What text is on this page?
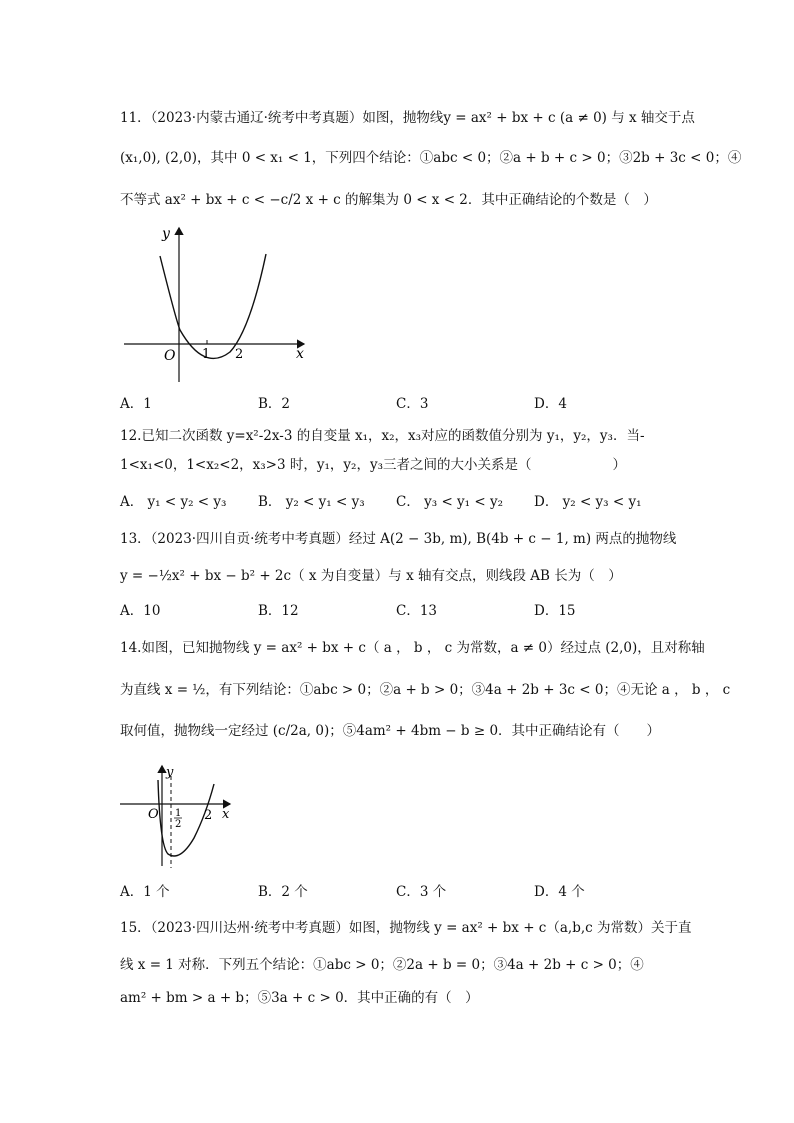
11．（2023·内蒙古通辽·统考中考真题）如图，抛物线y = ax² + bx + c (a ≠ 0) 与 x 轴交于点
(x₁,0), (2,0)，其中 0 < x₁ < 1，下列四个结论：①abc < 0；②a + b + c > 0；③2b + 3c < 0；④
不等式 ax² + bx + c < −c/2 x + c 的解集为 0 < x < 2．其中正确结论的个数是（　）
y
x
O 1 2
A．1	B．2	C．3	D．4
12.已知二次函数 y=x²-2x-3 的自变量 x₁，x₂，x₃对应的函数值分别为 y₁，y₂，y₃．当-
1<x₁<0，1<x₂<2，x₃>3 时，y₁，y₂，y₃三者之间的大小关系是（　　　　　　）
A． y₁ < y₂ < y₃ B． y₂ < y₁ < y₃ C． y₃ < y₁ < y₂ D． y₂ < y₃ < y₁
13．（2023·四川自贡·统考中考真题）经过 A(2 − 3b, m), B(4b + c − 1, m) 两点的抛物线
y = −½x² + bx − b² + 2c（ x 为自变量）与 x 轴有交点，则线段 AB 长为（　）
A．10	B．12	C．13	D．15
14.如图，已知抛物线 y = ax² + bx + c（ a ， b ， c 为常数，a ≠ 0）经过点 (2,0)，且对称轴
为直线 x = ½，有下列结论：①abc > 0；②a + b > 0；③4a + 2b + 3c < 0；④无论 a ， b ， c
取何值，抛物线一定经过 (c/2a, 0)；⑤4am² + 4bm − b ≥ 0．其中正确结论有（　　）
y
x
O 1
2
2
A．1 个	B．2 个	C．3 个	D．4 个
15．（2023·四川达州·统考中考真题）如图，抛物线 y = ax² + bx + c（a,b,c 为常数）关于直
线 x = 1 对称．下列五个结论：①abc > 0；②2a + b = 0；③4a + 2b + c > 0；④
am² + bm > a + b；⑤3a + c > 0．其中正确的有（　）
